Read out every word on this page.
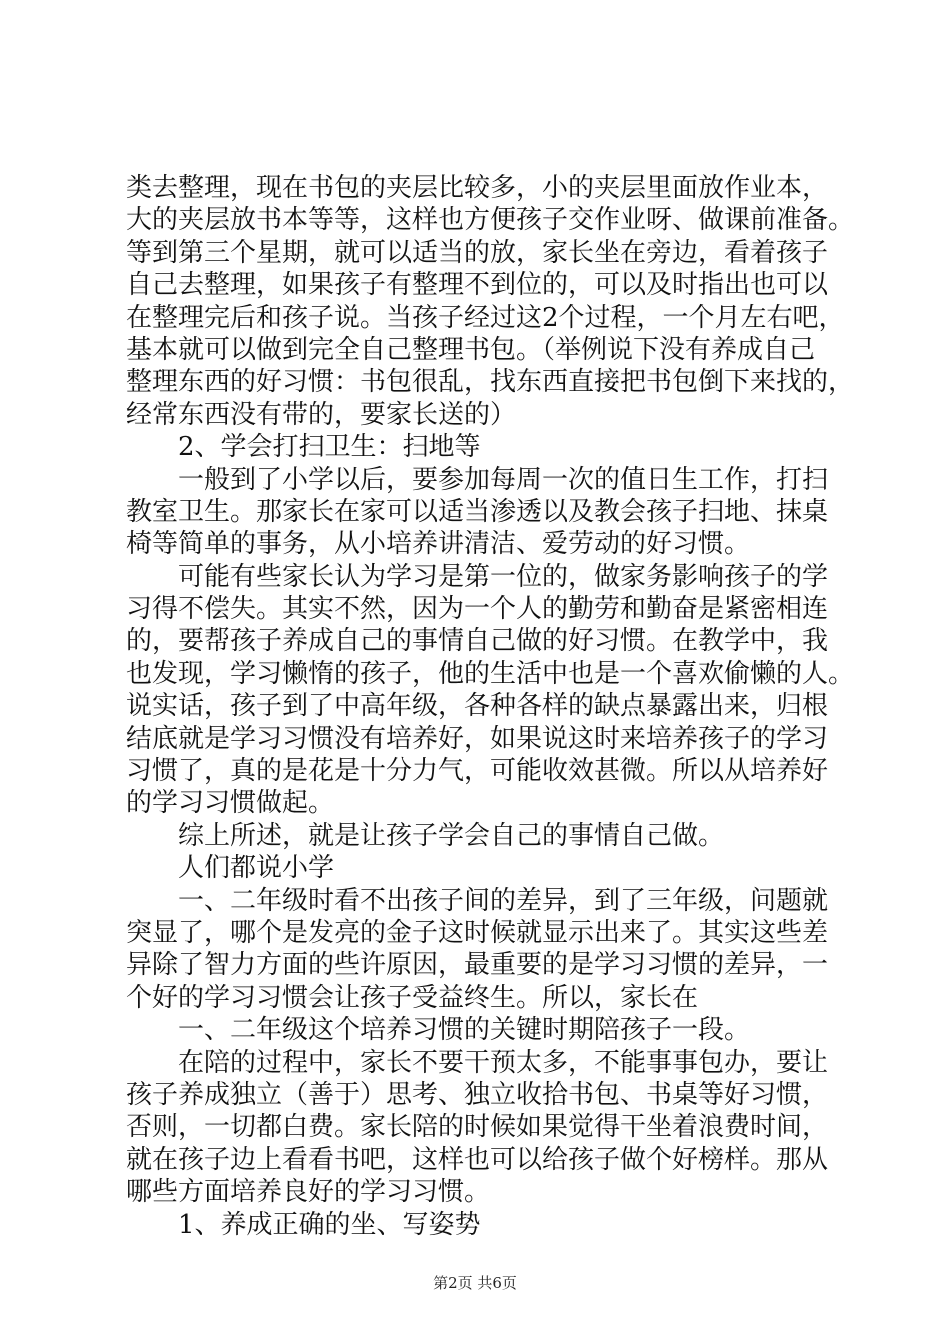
类去整理，现在书包的夹层比较多，小的夹层里面放作业本，
大的夹层放书本等等，这样也方便孩子交作业呀、做课前准备。
等到第三个星期，就可以适当的放，家长坐在旁边，看着孩子
自己去整理，如果孩子有整理不到位的，可以及时指出也可以
在整理完后和孩子说。当孩子经过这2个过程，一个月左右吧，
基本就可以做到完全自己整理书包。（举例说下没有养成自己
整理东西的好习惯：书包很乱，找东西直接把书包倒下来找的，
经常东西没有带的，要家长送的）
2、学会打扫卫生：扫地等
一般到了小学以后，要参加每周一次的值日生工作，打扫
教室卫生。那家长在家可以适当渗透以及教会孩子扫地、抹桌
椅等简单的事务，从小培养讲清洁、爱劳动的好习惯。
可能有些家长认为学习是第一位的，做家务影响孩子的学
习得不偿失。其实不然，因为一个人的勤劳和勤奋是紧密相连
的，要帮孩子养成自己的事情自己做的好习惯。在教学中，我
也发现，学习懒惰的孩子，他的生活中也是一个喜欢偷懒的人。
说实话，孩子到了中高年级，各种各样的缺点暴露出来，归根
结底就是学习习惯没有培养好，如果说这时来培养孩子的学习
习惯了，真的是花是十分力气，可能收效甚微。所以从培养好
的学习习惯做起。
综上所述，就是让孩子学会自己的事情自己做。
人们都说小学
一、二年级时看不出孩子间的差异，到了三年级，问题就
突显了，哪个是发亮的金子这时候就显示出来了。其实这些差
异除了智力方面的些许原因，最重要的是学习习惯的差异，一
个好的学习习惯会让孩子受益终生。所以，家长在
一、二年级这个培养习惯的关键时期陪孩子一段。
在陪的过程中，家长不要干预太多，不能事事包办，要让
孩子养成独立（善于）思考、独立收拾书包、书桌等好习惯，
否则，一切都白费。家长陪的时候如果觉得干坐着浪费时间，
就在孩子边上看看书吧，这样也可以给孩子做个好榜样。那从
哪些方面培养良好的学习习惯。
1、养成正确的坐、写姿势
第2页 共6页
